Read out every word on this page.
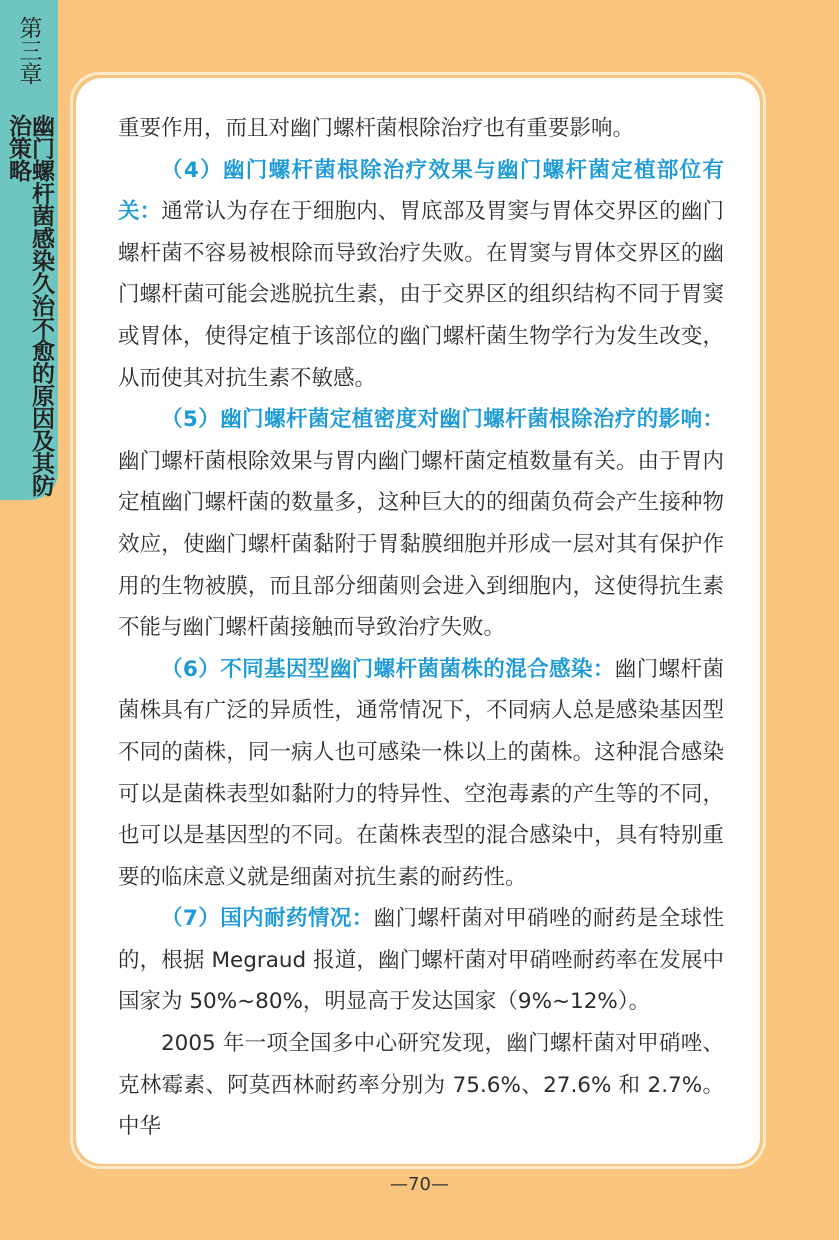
第三章
幽门螺杆菌感染久治不愈的原因及其防治策略	重要作用，而且对幽门螺杆菌根除治疗也有重要影响。

（4）幽门螺杆菌根除治疗效果与幽门螺杆菌定植部位有关：通常认为存在于细胞内、胃底部及胃窦与胃体交界区的幽门螺杆菌不容易被根除而导致治疗失败。在胃窦与胃体交界区的幽门螺杆菌可能会逃脱抗生素，由于交界区的组织结构不同于胃窦或胃体，使得定植于该部位的幽门螺杆菌生物学行为发生改变，从而使其对抗生素不敏感。

（5）幽门螺杆菌定植密度对幽门螺杆菌根除治疗的影响：幽门螺杆菌根除效果与胃内幽门螺杆菌定植数量有关。由于胃内定植幽门螺杆菌的数量多，这种巨大的的细菌负荷会产生接种物效应，使幽门螺杆菌黏附于胃黏膜细胞并形成一层对其有保护作用的生物被膜，而且部分细菌则会进入到细胞内，这使得抗生素不能与幽门螺杆菌接触而导致治疗失败。

（6）不同基因型幽门螺杆菌菌株的混合感染：幽门螺杆菌菌株具有广泛的异质性，通常情况下，不同病人总是感染基因型不同的菌株，同一病人也可感染一株以上的菌株。这种混合感染可以是菌株表型如黏附力的特异性、空泡毒素的产生等的不同，也可以是基因型的不同。在菌株表型的混合感染中，具有特别重要的临床意义就是细菌对抗生素的耐药性。

（7）国内耐药情况：幽门螺杆菌对甲硝唑的耐药是全球性的，根据 Megraud 报道，幽门螺杆菌对甲硝唑耐药率在发展中国家为 50%~80%，明显高于发达国家（9%~12%）。

2005 年一项全国多中心研究发现，幽门螺杆菌对甲硝唑、克林霉素、阿莫西林耐药率分别为 75.6%、27.6% 和 2.7%。中华

—70—
